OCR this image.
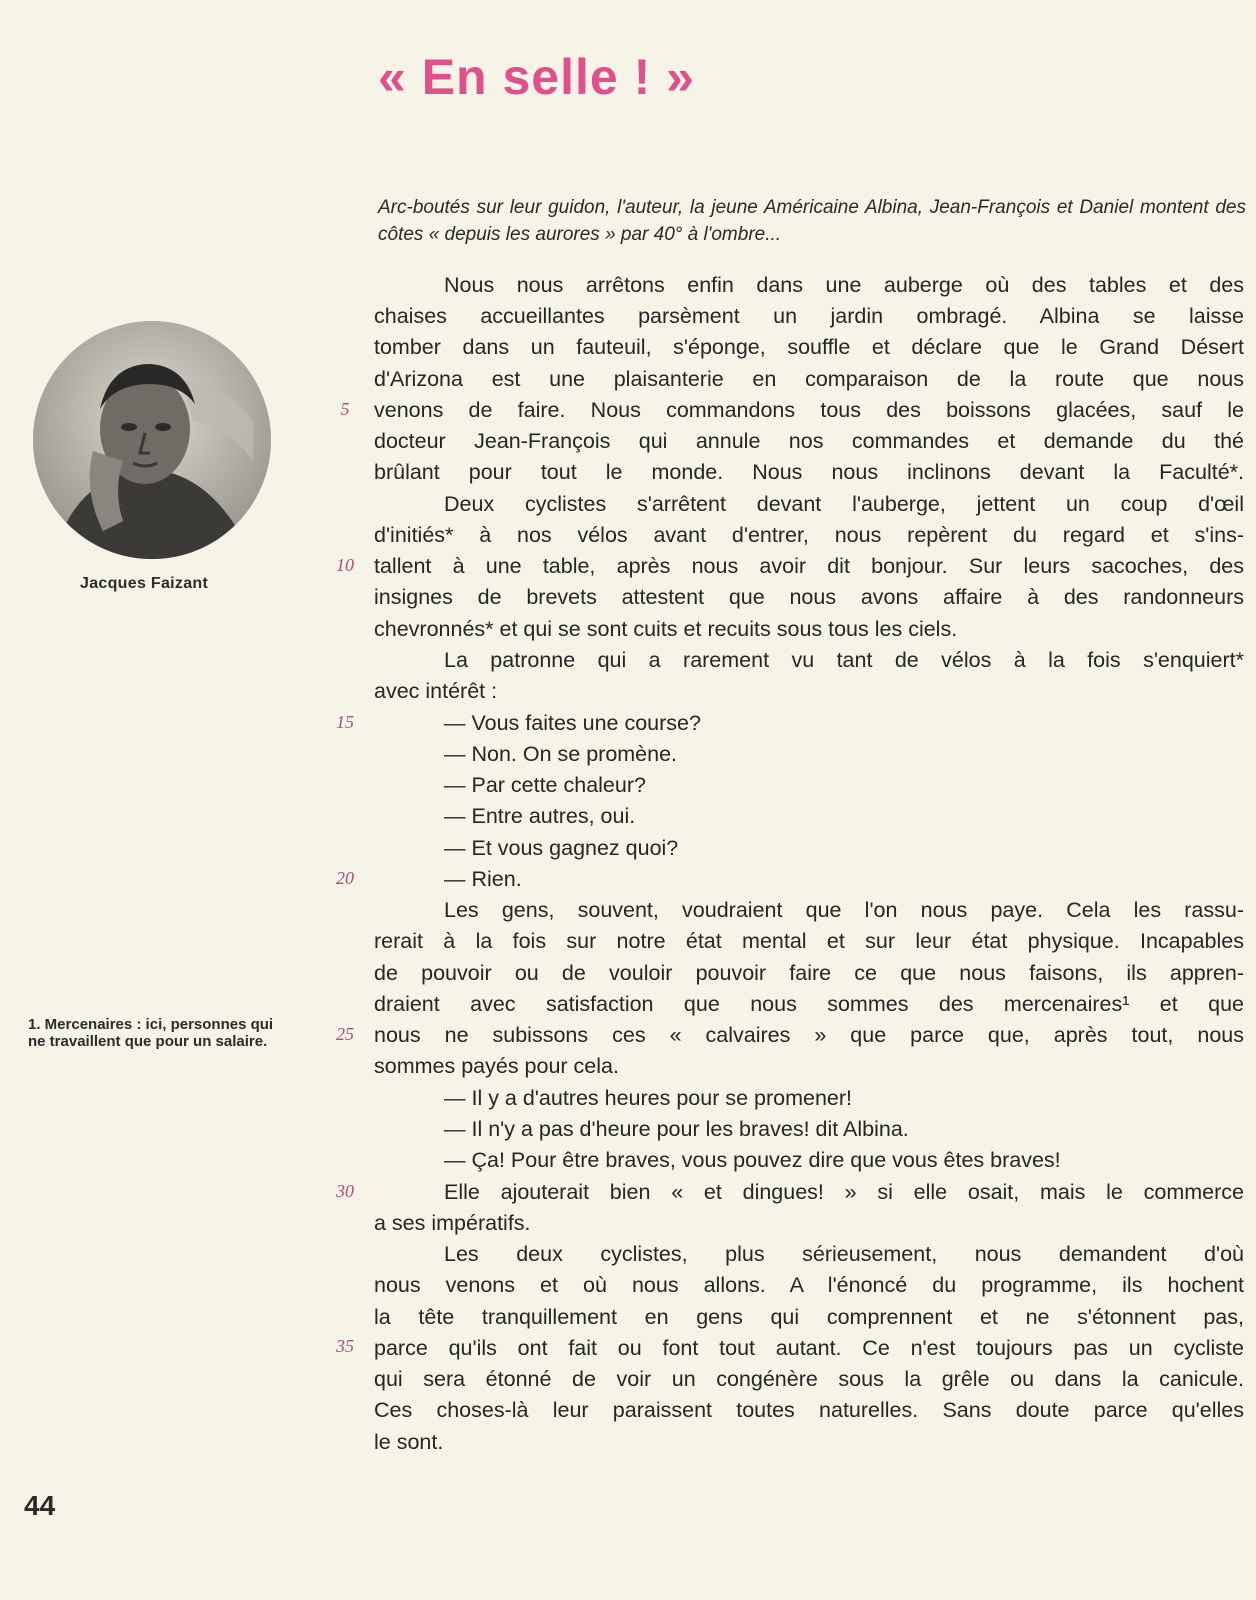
« En selle ! »
Arc-boutés sur leur guidon, l'auteur, la jeune Américaine Albina, Jean-François et Daniel montent des côtes « depuis les aurores » par 40° à l'ombre...
Jacques Faizant
1. Mercenaires : ici, personnes qui ne travaillent que pour un salaire.
5
10
15
20
25
30
35
Nous nous arrêtons enfin dans une auberge où des tables et des
chaises accueillantes parsèment un jardin ombragé. Albina se laisse
tomber dans un fauteuil, s'éponge, souffle et déclare que le Grand Désert
d'Arizona est une plaisanterie en comparaison de la route que nous
venons de faire. Nous commandons tous des boissons glacées, sauf le
docteur Jean-François qui annule nos commandes et demande du thé
brûlant pour tout le monde. Nous nous inclinons devant la Faculté*.
Deux cyclistes s'arrêtent devant l'auberge, jettent un coup d'œil
d'initiés* à nos vélos avant d'entrer, nous repèrent du regard et s'ins-
tallent à une table, après nous avoir dit bonjour. Sur leurs sacoches, des
insignes de brevets attestent que nous avons affaire à des randonneurs
chevronnés* et qui se sont cuits et recuits sous tous les ciels.
La patronne qui a rarement vu tant de vélos à la fois s'enquiert*
avec intérêt :
— Vous faites une course?
— Non. On se promène.
— Par cette chaleur?
— Entre autres, oui.
— Et vous gagnez quoi?
— Rien.
Les gens, souvent, voudraient que l'on nous paye. Cela les rassu-
rerait à la fois sur notre état mental et sur leur état physique. Incapables
de pouvoir ou de vouloir pouvoir faire ce que nous faisons, ils appren-
draient avec satisfaction que nous sommes des mercenaires¹ et que
nous ne subissons ces « calvaires » que parce que, après tout, nous
sommes payés pour cela.
— Il y a d'autres heures pour se promener!
— Il n'y a pas d'heure pour les braves! dit Albina.
— Ça! Pour être braves, vous pouvez dire que vous êtes braves!
Elle ajouterait bien « et dingues! » si elle osait, mais le commerce
a ses impératifs.
Les deux cyclistes, plus sérieusement, nous demandent d'où
nous venons et où nous allons. A l'énoncé du programme, ils hochent
la tête tranquillement en gens qui comprennent et ne s'étonnent pas,
parce qu'ils ont fait ou font tout autant. Ce n'est toujours pas un cycliste
qui sera étonné de voir un congénère sous la grêle ou dans la canicule.
Ces choses-là leur paraissent toutes naturelles. Sans doute parce qu'elles
le sont.
44
